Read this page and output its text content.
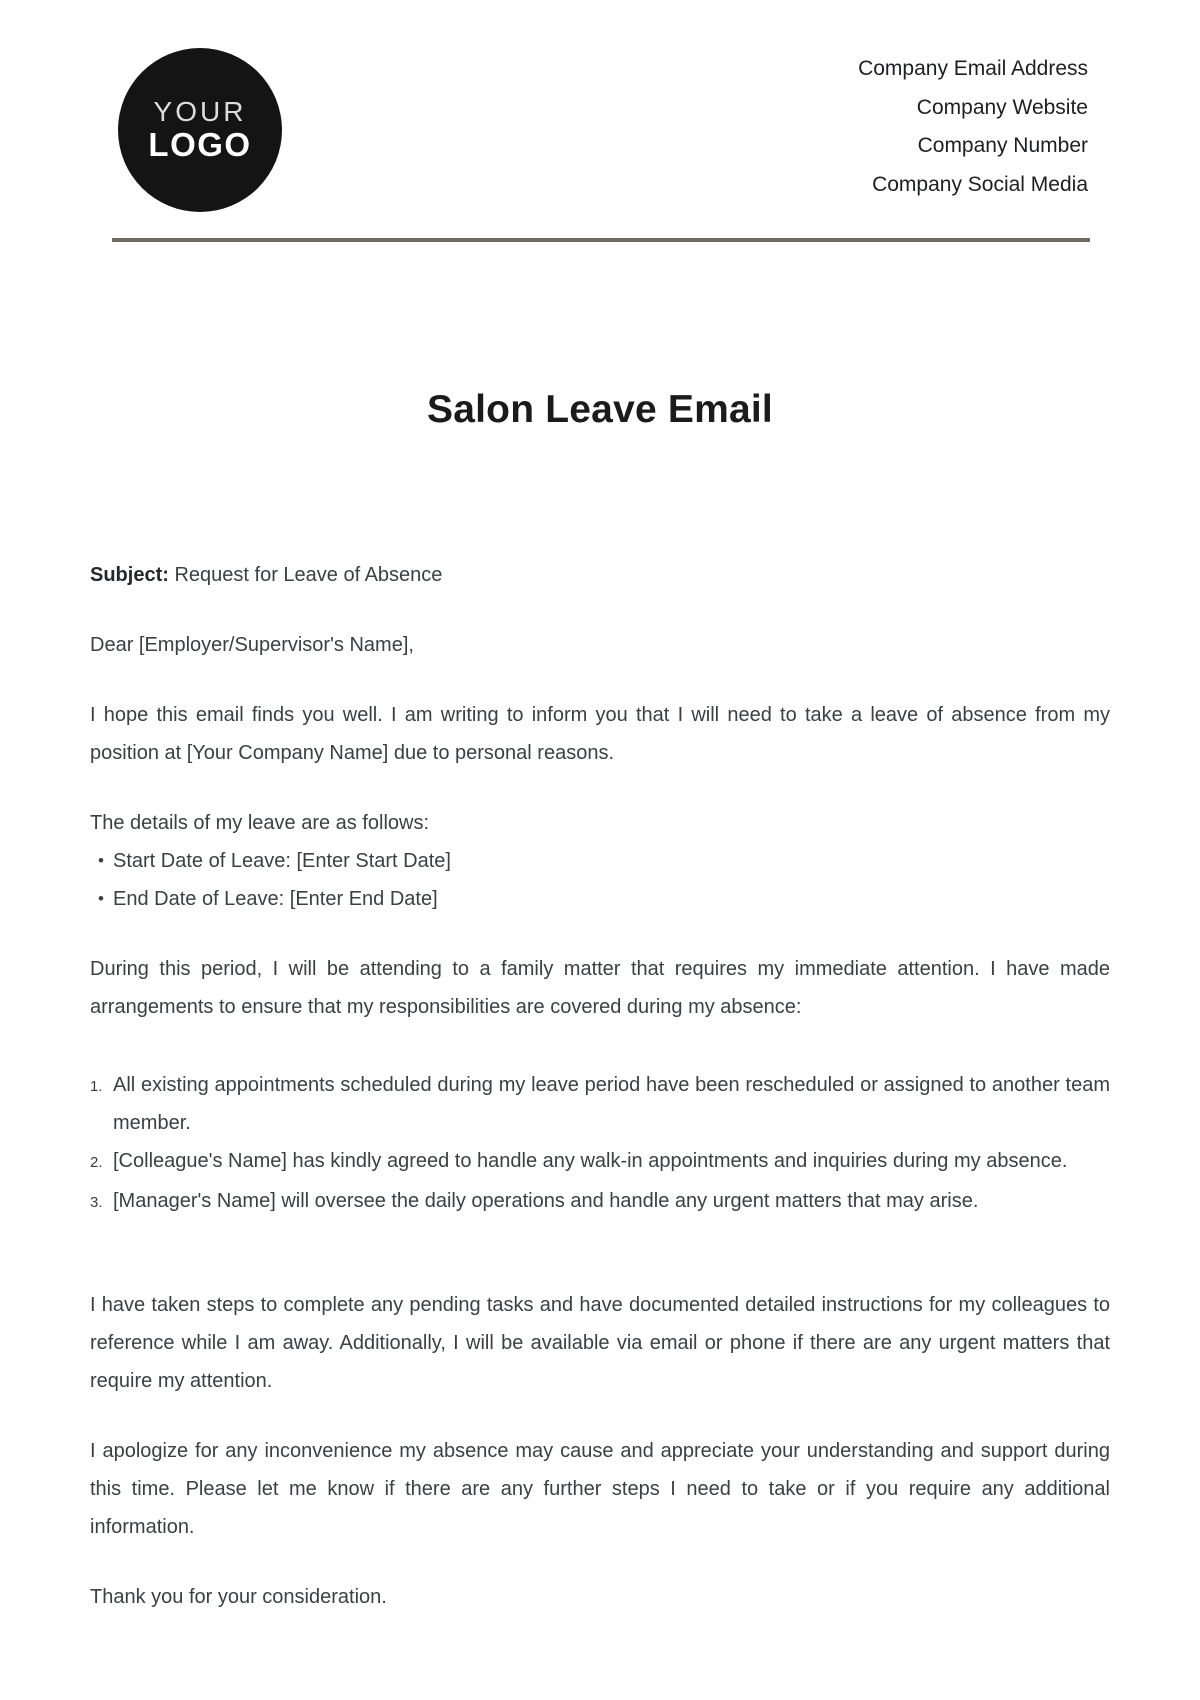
YOUR
LOGO
Company Email Address
Company Website
Company Number
Company Social Media
Salon Leave Email

Subject: Request for Leave of Absence

Dear [Employer/Supervisor's Name],

I hope this email finds you well. I am writing to inform you that I will need to take a leave of absence from my position at [Your Company Name] due to personal reasons.

The details of my leave are as follows:

• Start Date of Leave: [Enter Start Date]
• End Date of Leave: [Enter End Date]

During this period, I will be attending to a family matter that requires my immediate attention. I have made arrangements to ensure that my responsibilities are covered during my absence:

1. All existing appointments scheduled during my leave period have been rescheduled or assigned to another team member.
2. [Colleague's Name] has kindly agreed to handle any walk-in appointments and inquiries during my absence.
3. [Manager's Name] will oversee the daily operations and handle any urgent matters that may arise.

I have taken steps to complete any pending tasks and have documented detailed instructions for my colleagues to reference while I am away. Additionally, I will be available via email or phone if there are any urgent matters that require my attention.

I apologize for any inconvenience my absence may cause and appreciate your understanding and support during this time. Please let me know if there are any further steps I need to take or if you require any additional information.

Thank you for your consideration.
